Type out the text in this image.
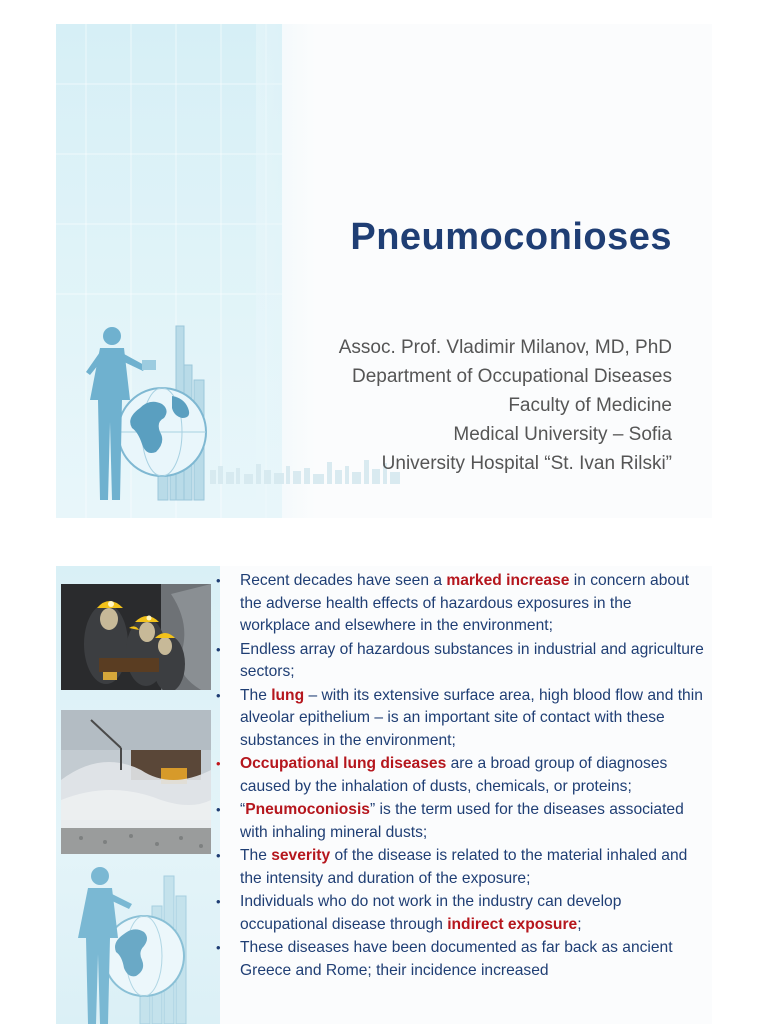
Pneumoconioses
Assoc. Prof. Vladimir Milanov, MD, PhD
Department of Occupational Diseases
Faculty of Medicine
Medical University – Sofia
University Hospital “St. Ivan Rilski”
• Recent decades have seen a marked increase in concern about the adverse health effects of hazardous exposures in the workplace and elsewhere in the environment;
• Endless array of hazardous substances in industrial and agriculture sectors;
• The lung – with its extensive surface area, high blood flow and thin alveolar epithelium – is an important site of contact with these substances in the environment;
• Occupational lung diseases are a broad group of diagnoses caused by the inhalation of dusts, chemicals, or proteins;
• “Pneumoconiosis” is the term used for the diseases associated with inhaling mineral dusts;
• The severity of the disease is related to the material inhaled and the intensity and duration of the exposure;
• Individuals who do not work in the industry can develop occupational disease through indirect exposure;
• These diseases have been documented as far back as ancient Greece and Rome; their incidence increased
